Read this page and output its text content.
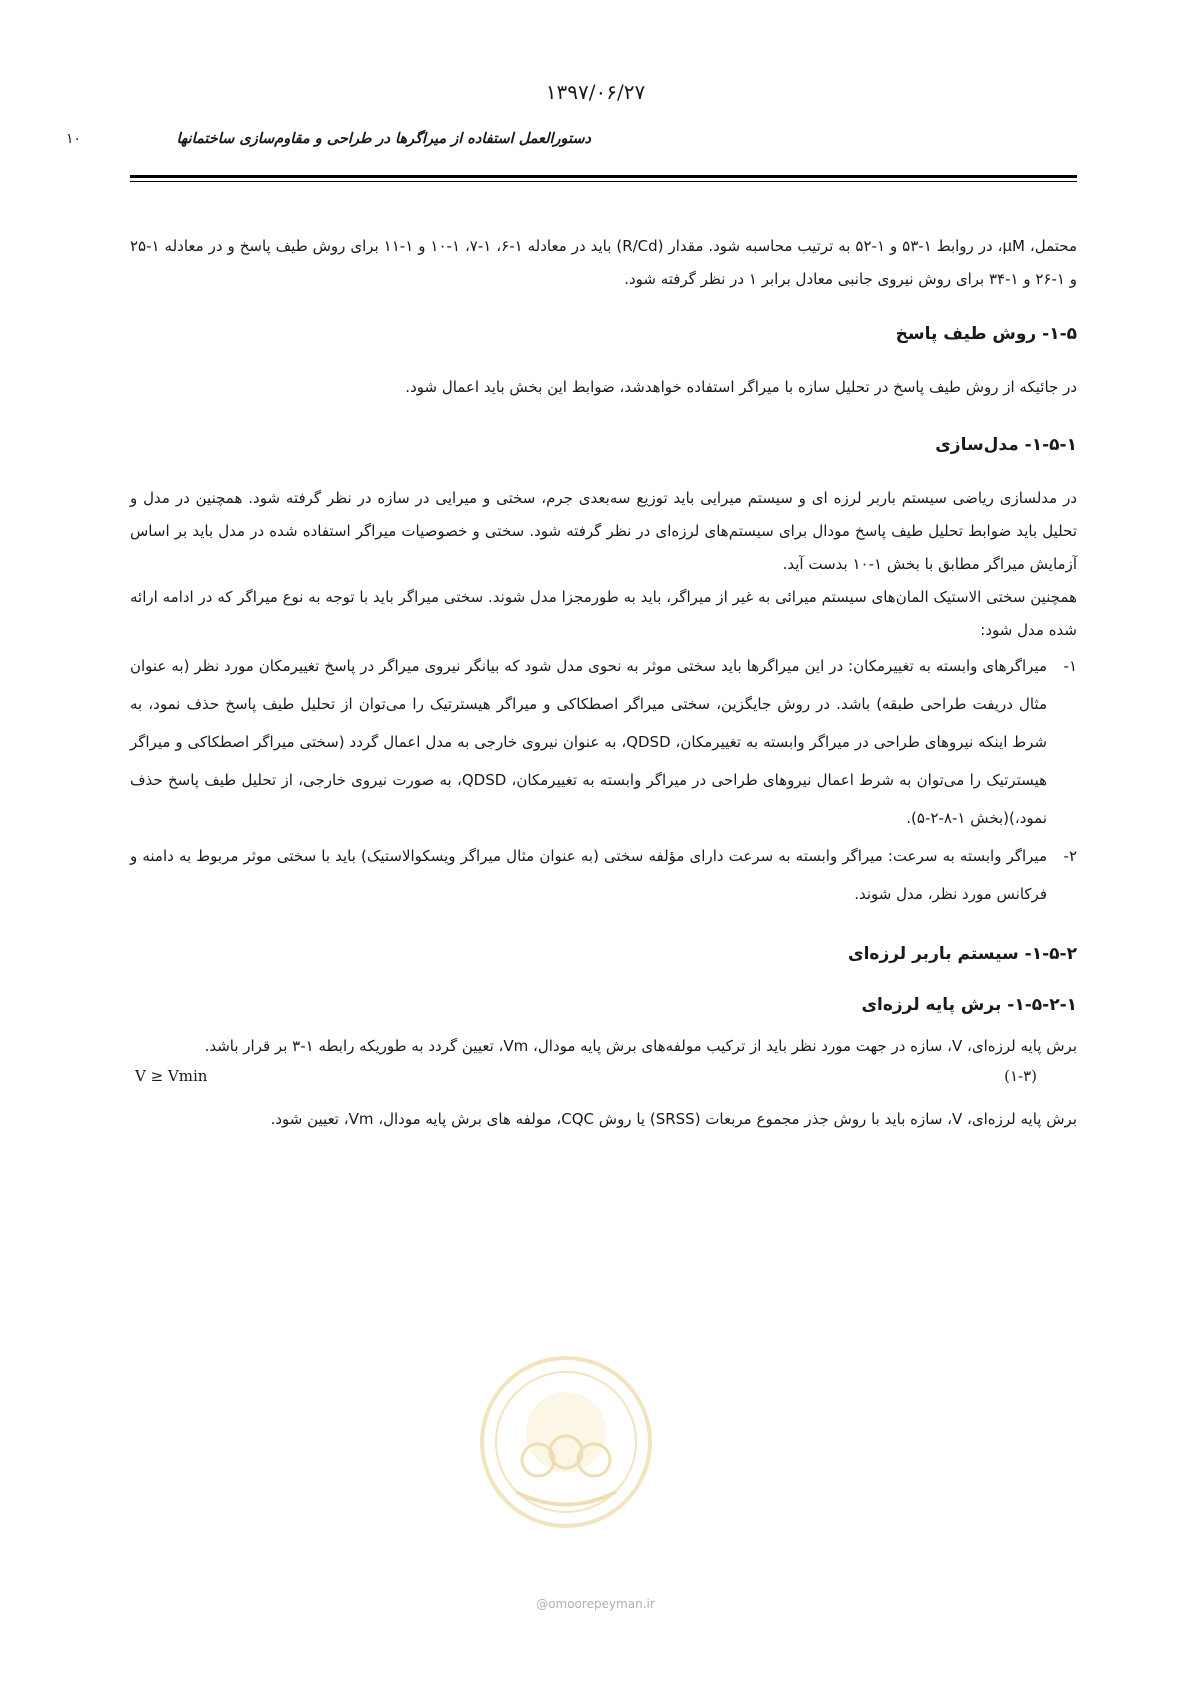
۱۳۹۷/۰۶/۲۷
دستورالعمل استفاده از میراگرها در طراحی و مقاوم‌سازی ساختمانها
۱۰

محتمل، μM، در روابط ۱-۵۳ و ۱-۵۲ به ترتیب محاسبه شود. مقدار (R/Cd) باید در معادله ۱-۶، ۱-۷، ۱-۱۰ و ۱-۱۱ برای روش طیف پاسخ و در معادله ۱-۲۵ و ۱-۲۶ و ۱-۳۴ برای روش نیروی جانبی معادل برابر ۱ در نظر گرفته شود.

۱-۵- روش طیف پاسخ

در جائیکه از روش طیف پاسخ در تحلیل سازه با میراگر استفاده خواهدشد، ضوابط این بخش باید اعمال شود.

۱-۵-۱- مدل‌سازی

در مدلسازی ریاضی سیستم باربر لرزه ای و سیستم میرایی باید توزیع سه‌بعدی جرم، سختی و میرایی در سازه در نظر گرفته شود. همچنین در مدل و تحلیل باید ضوابط تحلیل طیف پاسخ مودال برای سیستم‌های لرزه‌ای در نظر گرفته شود. سختی و خصوصیات میراگر استفاده شده در مدل باید بر اساس آزمایش میراگر مطابق با بخش ۱-۱۰ بدست آید.

همچنین سختی الاستیک المان‌های سیستم میرائی به غیر از میراگر، باید به طورمجزا مدل شوند. سختی میراگر باید با توجه به نوع میراگر که در ادامه ارائه شده مدل شود:

۱-
میراگرهای وابسته به تغییرمکان: در این میراگرها باید سختی موثر به نحوی مدل شود که بیانگر نیروی میراگر در پاسخ تغییرمکان مورد نظر (به عنوان مثال دریفت طراحی طبقه) باشد. در روش جایگزین، سختی میراگر اصطکاکی و میراگر هیسترتیک را می‌توان از تحلیل طیف پاسخ حذف نمود، به شرط اینکه نیروهای طراحی در میراگر وابسته به تغییرمکان، QDSD، به عنوان نیروی خارجی به مدل اعمال گردد (سختی میراگر اصطکاکی و میراگر هیسترتیک را می‌توان به شرط اعمال نیروهای طراحی در میراگر وابسته به تغییرمکان، QDSD، به صورت نیروی خارجی، از تحلیل طیف پاسخ حذف نمود،)(بخش ۱-۸-۲-۵).
۲-
میراگر وابسته به سرعت: میراگر وابسته به سرعت دارای مؤلفه سختی (به عنوان مثال میراگر ویسکوالاستیک) باید با سختی موثر مربوط به دامنه و فرکانس مورد نظر، مدل شوند.

۱-۵-۲- سیستم باربر لرزه‌ای

۱-۵-۲-۱- برش پایه لرزه‌ای

برش پایه لرزه‌ای، V، سازه در جهت مورد نظر باید از ترکیب مولفه‌های برش پایه مودال، Vm، تعیین گردد به طوریکه رابطه ۱-۳ بر قرار باشد.

V ≥ Vmin	(۱-۳)

برش پایه لرزه‌ای، V، سازه باید با روش جذر مجموع مربعات (SRSS) یا روش CQC، مولفه های برش پایه مودال، Vm، تعیین شود.

@omoorepeyman.ir
